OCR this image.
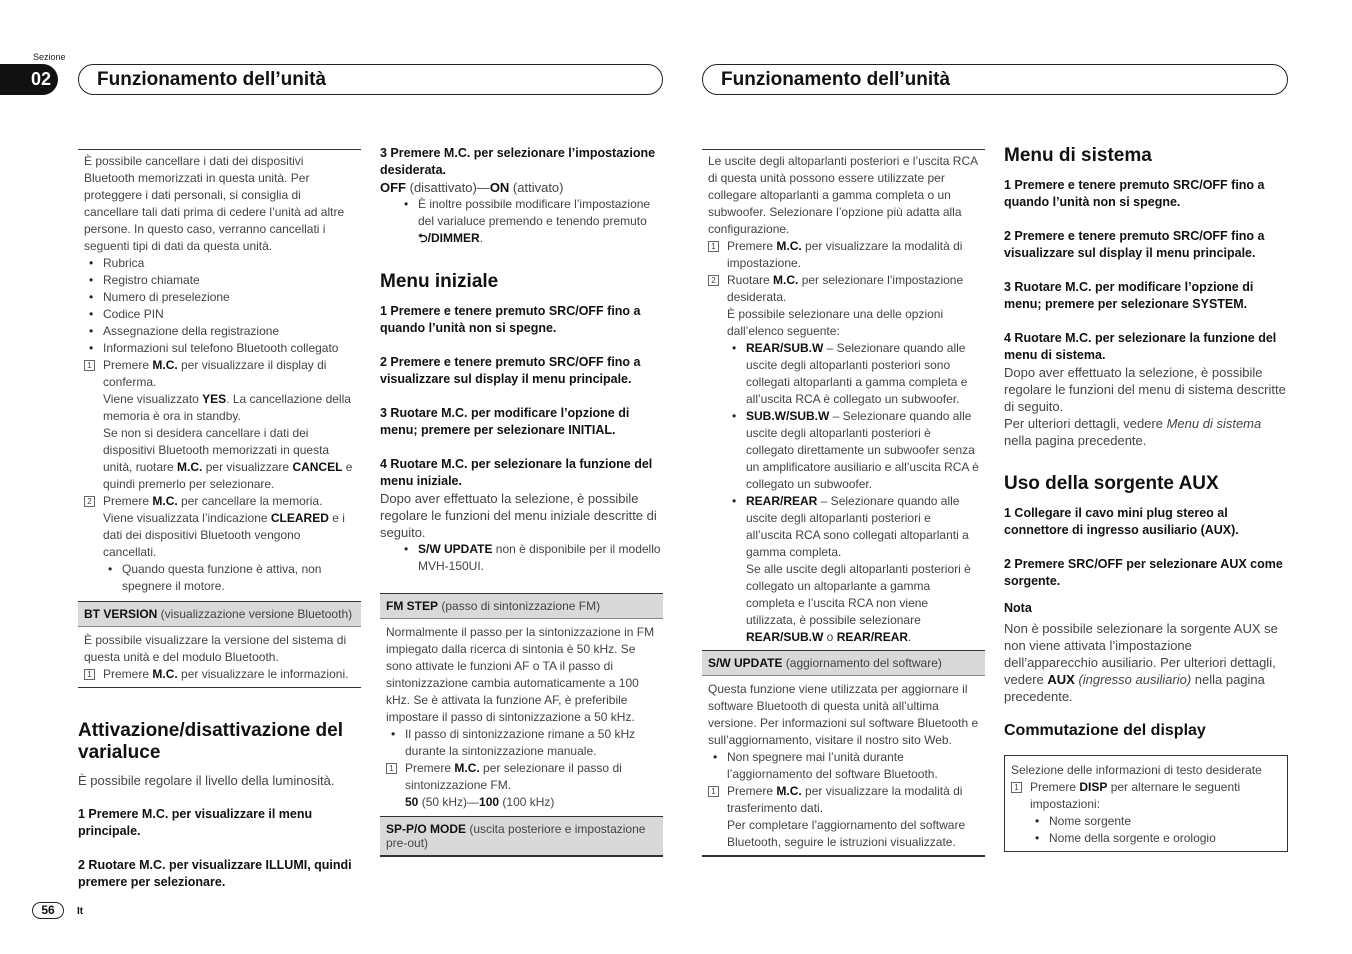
Sezione
02 Funzionamento dell’unità	Funzionamento dell’unità

È possibile cancellare i dati dei dispositivi Bluetooth memorizzati in questa unità. Per proteggere i dati personali, si consiglia di cancellare tali dati prima di cedere l’unità ad altre persone. In questo caso, verranno cancellati i seguenti tipi di dati da questa unità.

• Rubrica
• Registro chiamate
• Numero di preselezione
• Codice PIN
• Assegnazione della registrazione
• Informazioni sul telefono Bluetooth collegato
1 Premere M.C. per visualizzare il display di conferma.

Viene visualizzato YES. La cancellazione della memoria è ora in standby.

Se non si desidera cancellare i dati dei dispositivi Bluetooth memorizzati in questa unità, ruotare M.C. per visualizzare CANCEL e quindi premerlo per selezionare.

2 Premere M.C. per cancellare la memoria.

Viene visualizzata l’indicazione CLEARED e i dati dei dispositivi Bluetooth vengono cancellati.

• Quando questa funzione è attiva, non spegnere il motore.
BT VERSION (visualizzazione versione Bluetooth)

È possibile visualizzare la versione del sistema di questa unità e del modulo Bluetooth.

1 Premere M.C. per visualizzare le informazioni.
Attivazione/disattivazione del varialuce

È possibile regolare il livello della luminosità.

1 Premere M.C. per visualizzare il menu principale.

2 Ruotare M.C. per visualizzare ILLUMI, quindi premere per selezionare.

3 Premere M.C. per selezionare l’impostazione desiderata.

OFF (disattivato)—ON (attivato)

• È inoltre possibile modificare l’impostazione del varialuce premendo e tenendo premuto ⮌/DIMMER.
Menu iniziale

1 Premere e tenere premuto SRC/OFF fino a quando l’unità non si spegne.

2 Premere e tenere premuto SRC/OFF fino a visualizzare sul display il menu principale.

3 Ruotare M.C. per modificare l’opzione di menu; premere per selezionare INITIAL.

4 Ruotare M.C. per selezionare la funzione del menu iniziale.

Dopo aver effettuato la selezione, è possibile regolare le funzioni del menu iniziale descritte di seguito.

• S/W UPDATE non è disponibile per il modello MVH-150UI.
FM STEP (passo di sintonizzazione FM)

Normalmente il passo per la sintonizzazione in FM impiegato dalla ricerca di sintonia è 50 kHz. Se sono attivate le funzioni AF o TA il passo di sintonizzazione cambia automaticamente a 100 kHz. Se è attivata la funzione AF, è preferibile impostare il passo di sintonizzazione a 50 kHz.

• Il passo di sintonizzazione rimane a 50 kHz durante la sintonizzazione manuale.
1 Premere M.C. per selezionare il passo di sintonizzazione FM.

50 (50 kHz)—100 (100 kHz)

SP-P/O MODE (uscita posteriore e impostazione pre-out)

Le uscite degli altoparlanti posteriori e l’uscita RCA di questa unità possono essere utilizzate per collegare altoparlanti a gamma completa o un subwoofer. Selezionare l’opzione più adatta alla configurazione.

1 Premere M.C. per visualizzare la modalità di impostazione.
2 Ruotare M.C. per selezionare l’impostazione desiderata.

È possibile selezionare una delle opzioni dall’elenco seguente:

• REAR/SUB.W – Selezionare quando alle uscite degli altoparlanti posteriori sono collegati altoparlanti a gamma completa e all’uscita RCA è collegato un subwoofer.
• SUB.W/SUB.W – Selezionare quando alle uscite degli altoparlanti posteriori è collegato direttamente un subwoofer senza un amplificatore ausiliario e all’uscita RCA è collegato un subwoofer.
• REAR/REAR – Selezionare quando alle uscite degli altoparlanti posteriori e all’uscita RCA sono collegati altoparlanti a gamma completa.

Se alle uscite degli altoparlanti posteriori è collegato un altoparlante a gamma completa e l’uscita RCA non viene utilizzata, è possibile selezionare REAR/SUB.W o REAR/REAR.

S/W UPDATE (aggiornamento del software)

Questa funzione viene utilizzata per aggiornare il software Bluetooth di questa unità all’ultima versione. Per informazioni sul software Bluetooth e sull’aggiornamento, visitare il nostro sito Web.

• Non spegnere mai l’unità durante l’aggiornamento del software Bluetooth.
1 Premere M.C. per visualizzare la modalità di trasferimento dati.

Per completare l’aggiornamento del software Bluetooth, seguire le istruzioni visualizzate.

Menu di sistema

1 Premere e tenere premuto SRC/OFF fino a quando l’unità non si spegne.

2 Premere e tenere premuto SRC/OFF fino a visualizzare sul display il menu principale.

3 Ruotare M.C. per modificare l’opzione di menu; premere per selezionare SYSTEM.

4 Ruotare M.C. per selezionare la funzione del menu di sistema.

Dopo aver effettuato la selezione, è possibile regolare le funzioni del menu di sistema descritte di seguito.

Per ulteriori dettagli, vedere Menu di sistema nella pagina precedente.

Uso della sorgente AUX

1 Collegare il cavo mini plug stereo al connettore di ingresso ausiliario (AUX).

2 Premere SRC/OFF per selezionare AUX come sorgente.

Nota

Non è possibile selezionare la sorgente AUX se non viene attivata l’impostazione dell’apparecchio ausiliario. Per ulteriori dettagli, vedere AUX (ingresso ausiliario) nella pagina precedente.

Commutazione del display

Selezione delle informazioni di testo desiderate

1 Premere DISP per alternare le seguenti impostazioni:
• Nome sorgente
• Nome della sorgente e orologio
56	It
